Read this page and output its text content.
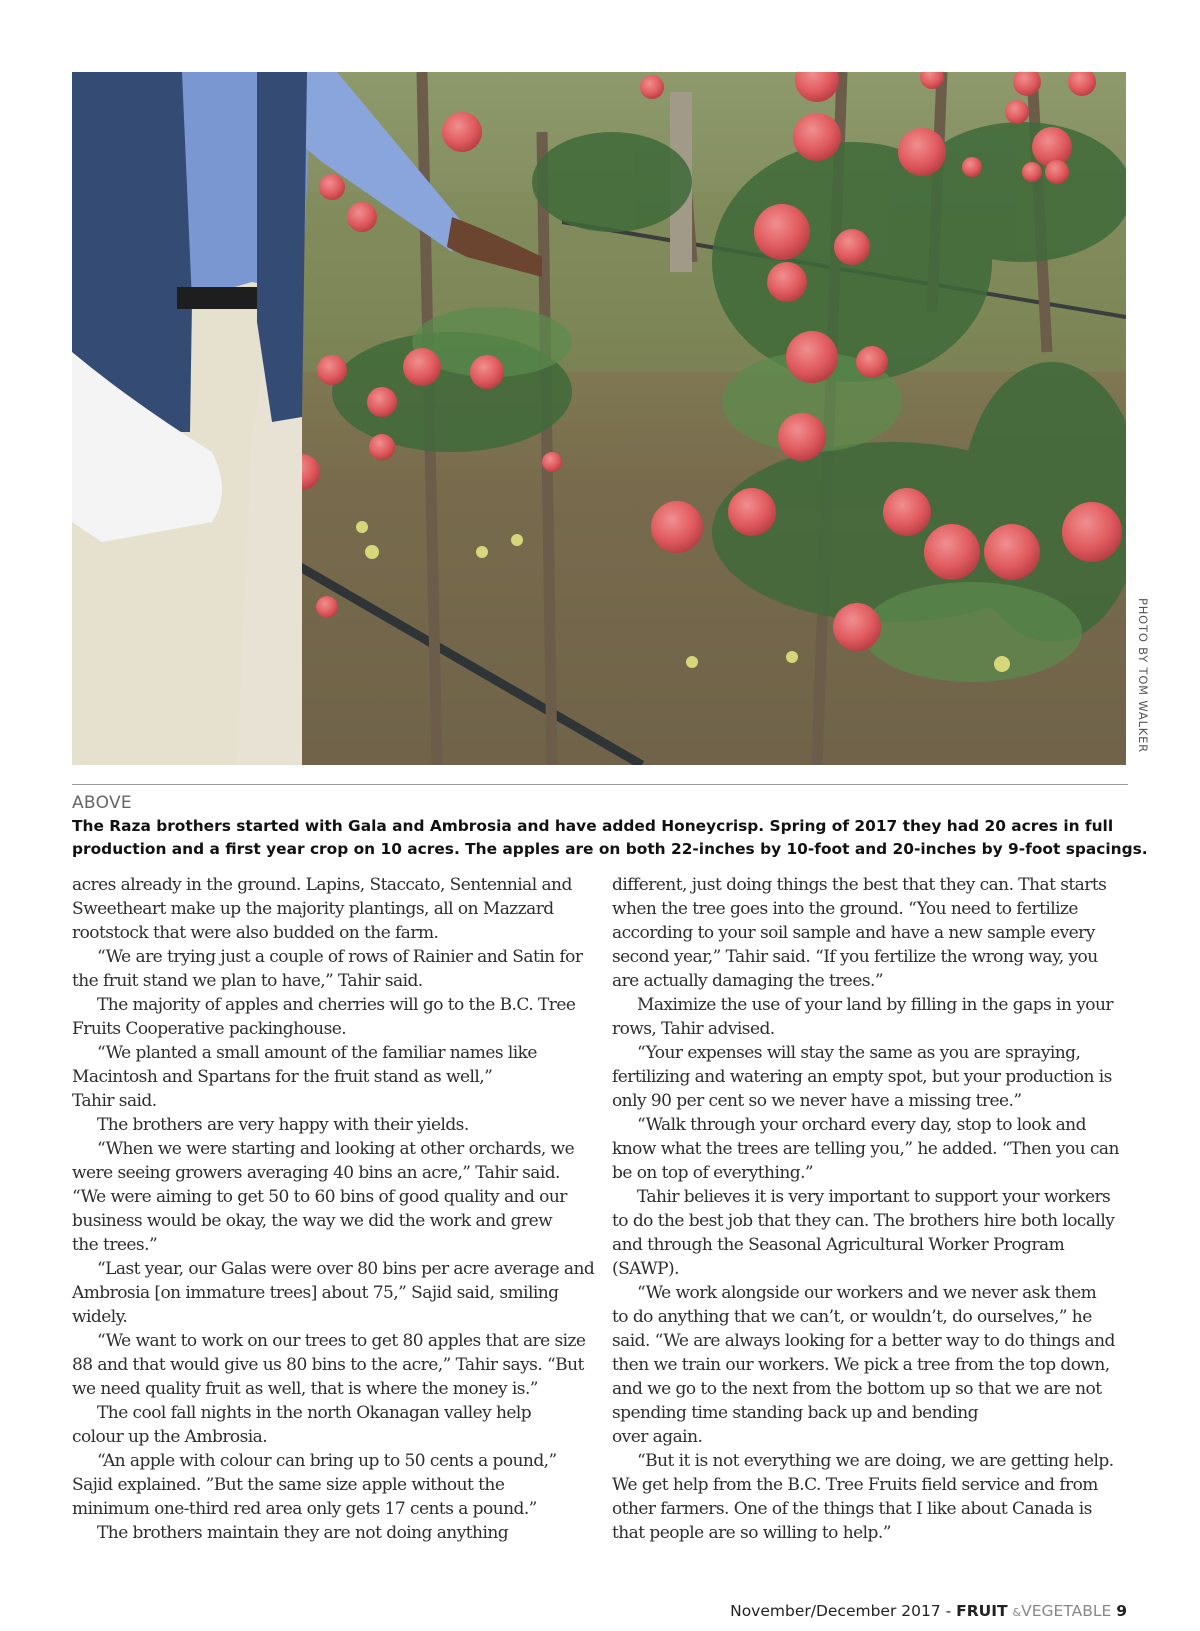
PHOTO BY TOM WALKER
ABOVE
The Raza brothers started with Gala and Ambrosia and have added Honeycrisp. Spring of 2017 they had 20 acres in full
production and a first year crop on 10 acres. The apples are on both 22-inches by 10-foot and 20-inches by 9-foot spacings.
acres already in the ground. Lapins, Staccato, Sentennial and
Sweetheart make up the majority plantings, all on Mazzard
rootstock that were also budded on the farm.
“We are trying just a couple of rows of Rainier and Satin for
the fruit stand we plan to have,” Tahir said.
The majority of apples and cherries will go to the B.C. Tree
Fruits Cooperative packinghouse.
“We planted a small amount of the familiar names like
Macintosh and Spartans for the fruit stand as well,”
Tahir said.
The brothers are very happy with their yields.
“When we were starting and looking at other orchards, we
were seeing growers averaging 40 bins an acre,” Tahir said.
“We were aiming to get 50 to 60 bins of good quality and our
business would be okay, the way we did the work and grew
the trees.”
“Last year, our Galas were over 80 bins per acre average and
Ambrosia [on immature trees] about 75,” Sajid said, smiling
widely.
“We want to work on our trees to get 80 apples that are size
88 and that would give us 80 bins to the acre,” Tahir says. “But
we need quality fruit as well, that is where the money is.”
The cool fall nights in the north Okanagan valley help
colour up the Ambrosia.
“An apple with colour can bring up to 50 cents a pound,”
Sajid explained. ”But the same size apple without the
minimum one-third red area only gets 17 cents a pound.”
The brothers maintain they are not doing anything
different, just doing things the best that they can. That starts
when the tree goes into the ground. “You need to fertilize
according to your soil sample and have a new sample every
second year,” Tahir said. “If you fertilize the wrong way, you
are actually damaging the trees.”
Maximize the use of your land by filling in the gaps in your
rows, Tahir advised.
“Your expenses will stay the same as you are spraying,
fertilizing and watering an empty spot, but your production is
only 90 per cent so we never have a missing tree.”
“Walk through your orchard every day, stop to look and
know what the trees are telling you,” he added. “Then you can
be on top of everything.”
Tahir believes it is very important to support your workers
to do the best job that they can. The brothers hire both locally
and through the Seasonal Agricultural Worker Program
(SAWP).
“We work alongside our workers and we never ask them
to do anything that we can’t, or wouldn’t, do ourselves,” he
said. “We are always looking for a better way to do things and
then we train our workers. We pick a tree from the top down,
and we go to the next from the bottom up so that we are not
spending time standing back up and bending
over again.
“But it is not everything we are doing, we are getting help.
We get help from the B.C. Tree Fruits field service and from
other farmers. One of the things that I like about Canada is
that people are so willing to help.”
November/December 2017 - FRUIT &VEGETABLE 9
